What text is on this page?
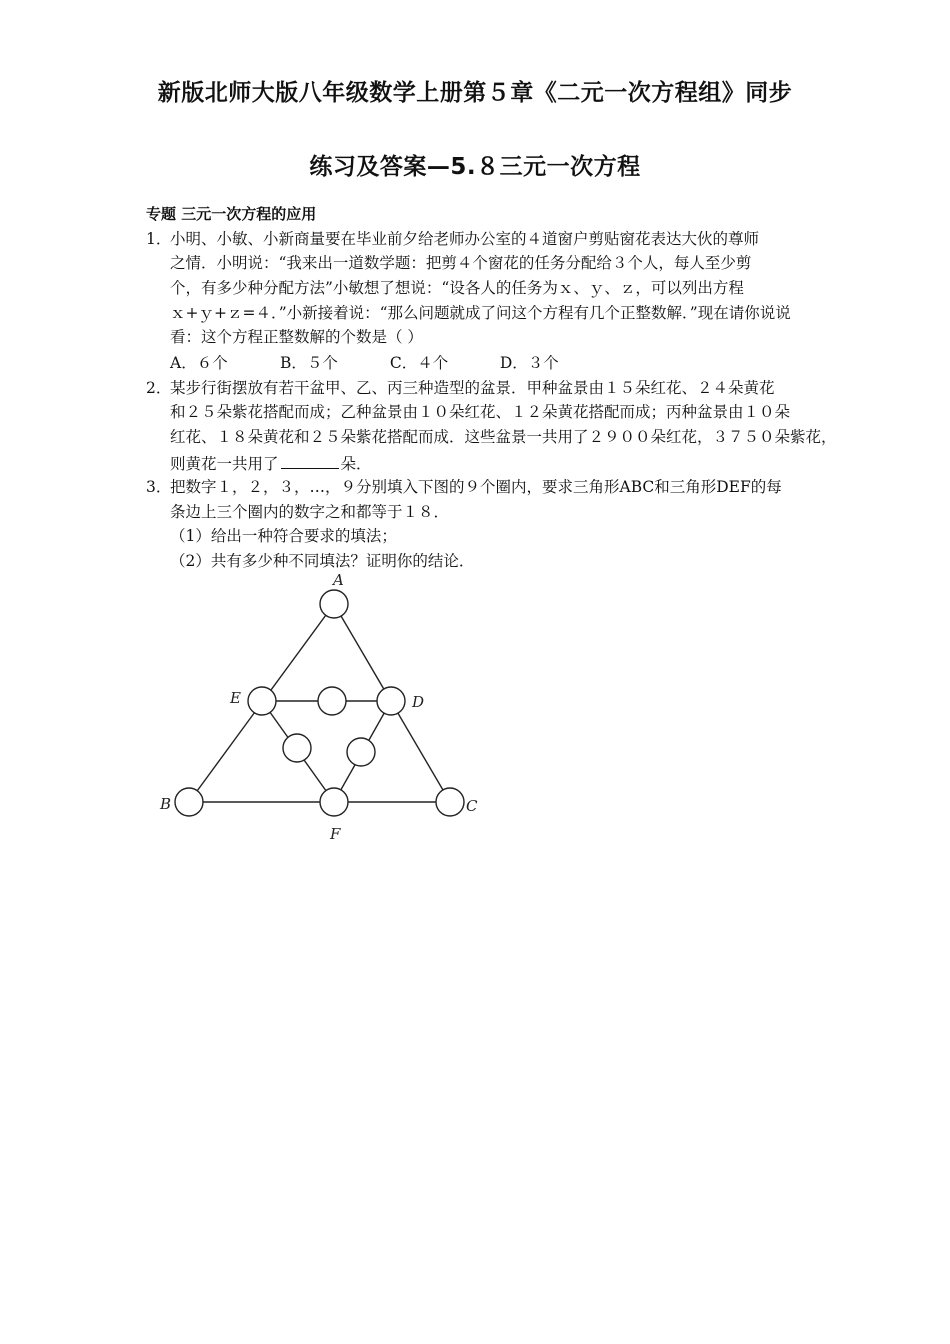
新版北师大版八年级数学上册第５章《二元一次方程组》同步
练习及答案—5.８三元一次方程
专题 三元一次方程的应用
1．
小明、小敏、小新商量要在毕业前夕给老师办公室的４道窗户剪贴窗花表达大伙的尊师
之情．小明说：“我来出一道数学题：把剪４个窗花的任务分配给３个人，每人至少剪
个，有多少种分配方法”小敏想了想说：“设各人的任务为ｘ、ｙ、ｚ，可以列出方程
ｘ+ｙ+ｚ=４．”小新接着说：“那么问题就成了问这个方程有几个正整数解．”现在请你说说
看：这个方程正整数解的个数是（ ）
A．６个	B．５个	C．４个	D．３个
2．
某步行街摆放有若干盆甲、乙、丙三种造型的盆景．甲种盆景由１５朵红花、２４朵黄花
和２５朵紫花搭配而成；乙种盆景由１０朵红花、１２朵黄花搭配而成；丙种盆景由１０朵
红花、１８朵黄花和２５朵紫花搭配而成．这些盆景一共用了２９００朵红花，３７５０朵紫花，
则黄花一共用了	朵．
3．
把数字１，２，３，…，９分别填入下图的９个圈内，要求三角形ABC和三角形DEF的每
条边上三个圈内的数字之和都等于１８．
（1）给出一种符合要求的填法；
（2）共有多少种不同填法？证明你的结论．
A
E	D
B	C
F
